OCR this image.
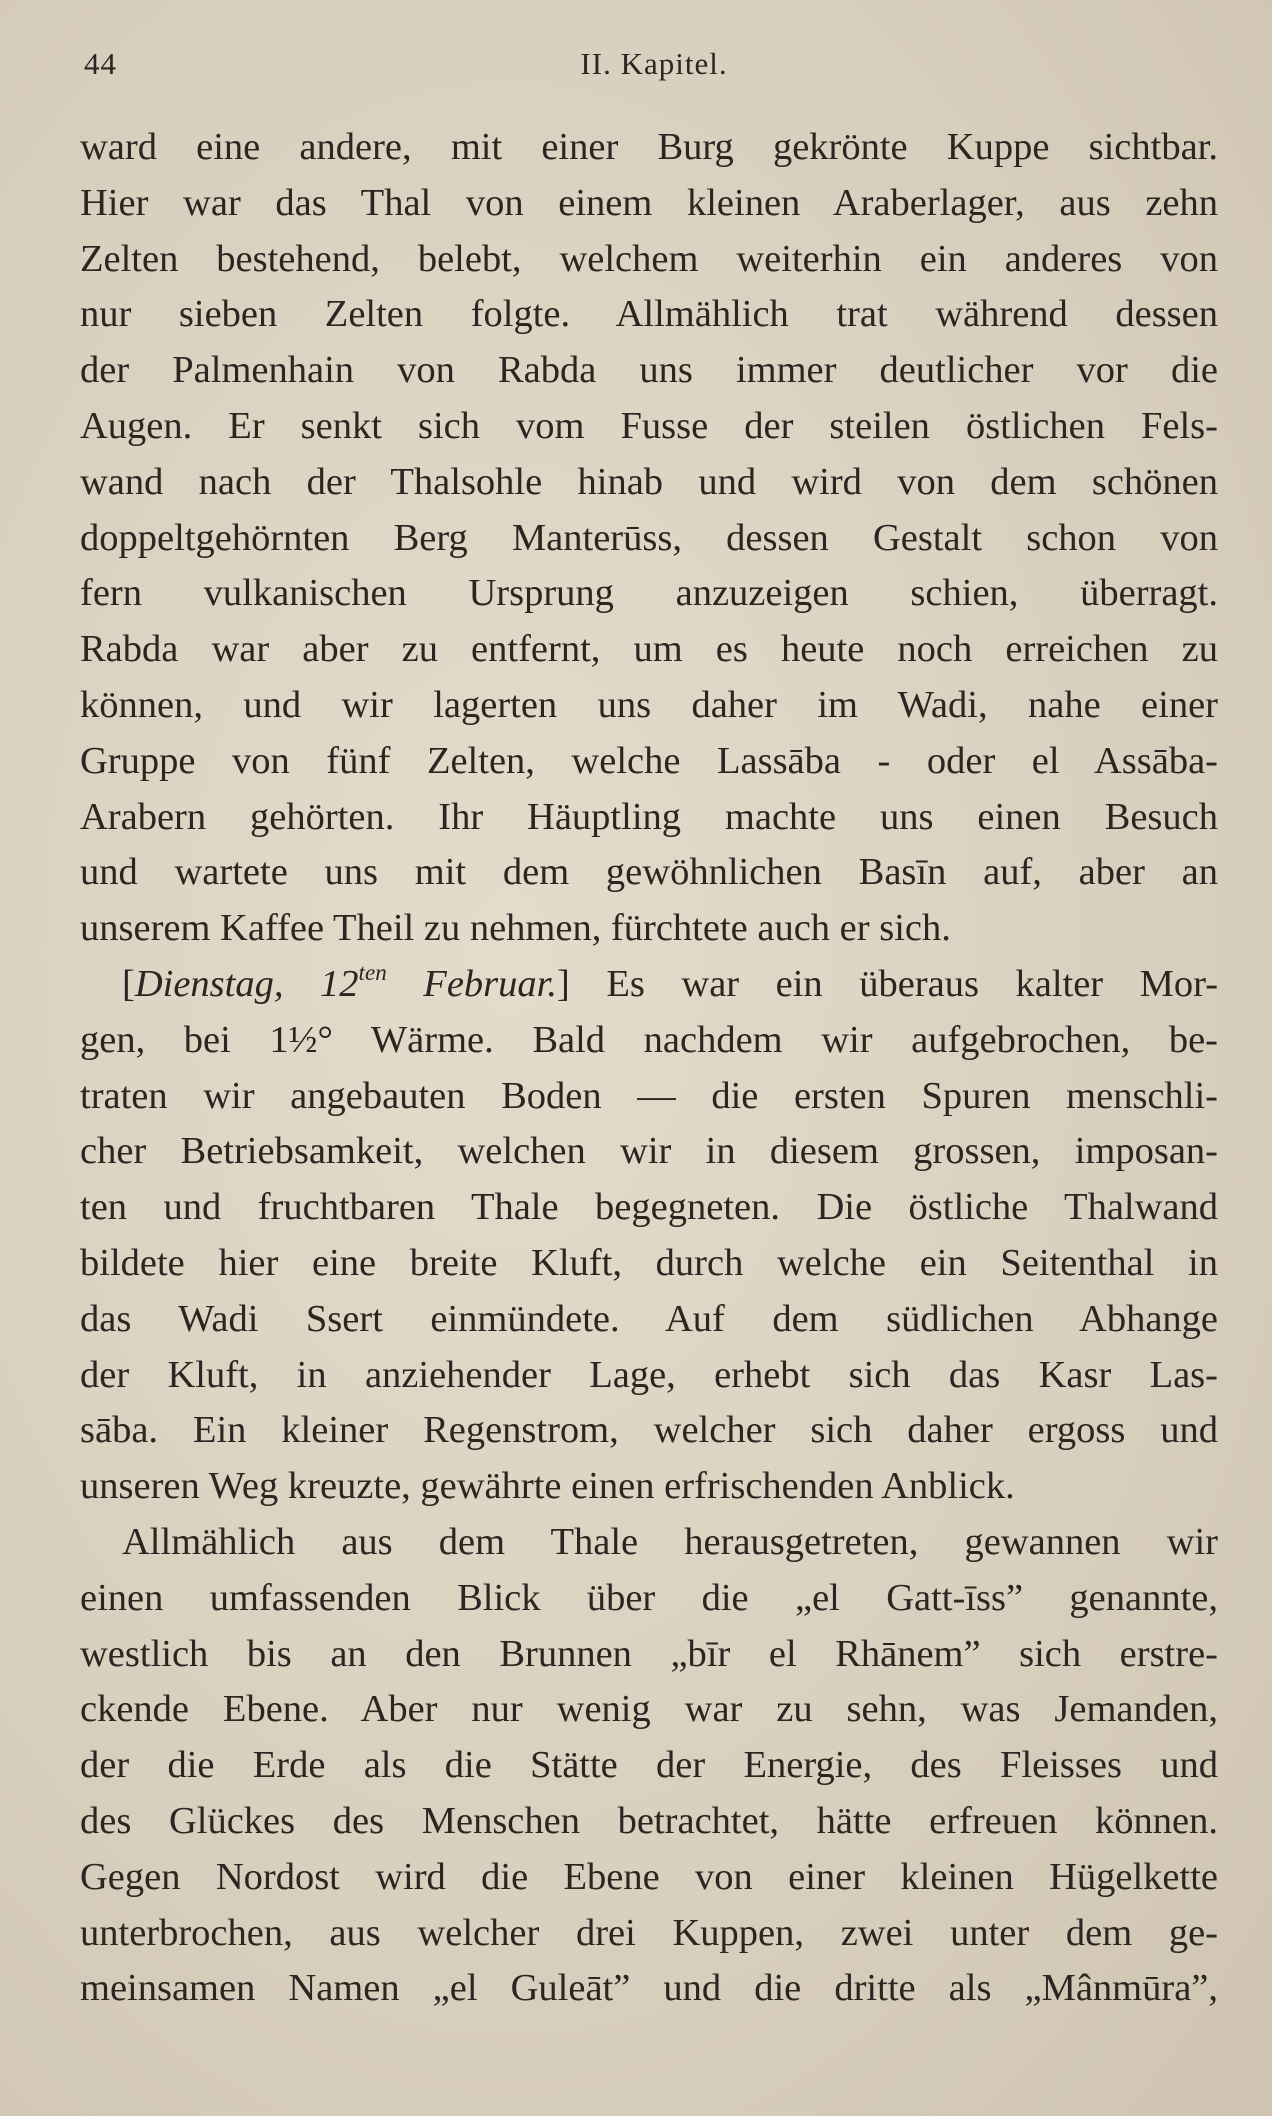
44	II. Kapitel.
ward eine andere, mit einer Burg gekrönte Kuppe sichtbar.
Hier war das Thal von einem kleinen Araberlager, aus zehn
Zelten bestehend, belebt, welchem weiterhin ein anderes von
nur sieben Zelten folgte. Allmählich trat während dessen
der Palmenhain von Rabda uns immer deutlicher vor die
Augen. Er senkt sich vom Fusse der steilen östlichen Fels-
wand nach der Thalsohle hinab und wird von dem schönen
doppeltgehörnten Berg Manterūss, dessen Gestalt schon von
fern vulkanischen Ursprung anzuzeigen schien, überragt.
Rabda war aber zu entfernt, um es heute noch erreichen zu
können, und wir lagerten uns daher im Wadi, nahe einer
Gruppe von fünf Zelten, welche Lassāba - oder el Assāba-
Arabern gehörten. Ihr Häuptling machte uns einen Besuch
und wartete uns mit dem gewöhnlichen Basīn auf, aber an
unserem Kaffee Theil zu nehmen, fürchtete auch er sich.
[Dienstag, 12$^{ten}$ Februar.] Es war ein überaus kalter Mor-
gen, bei 1½° Wärme. Bald nachdem wir aufgebrochen, be-
traten wir angebauten Boden — die ersten Spuren menschli-
cher Betriebsamkeit, welchen wir in diesem grossen, imposan-
ten und fruchtbaren Thale begegneten. Die östliche Thalwand
bildete hier eine breite Kluft, durch welche ein Seitenthal in
das Wadi Ssert einmündete. Auf dem südlichen Abhange
der Kluft, in anziehender Lage, erhebt sich das Kasr Las-
sāba. Ein kleiner Regenstrom, welcher sich daher ergoss und
unseren Weg kreuzte, gewährte einen erfrischenden Anblick.
Allmählich aus dem Thale herausgetreten, gewannen wir
einen umfassenden Blick über die „el Gatt-īss” genannte,
westlich bis an den Brunnen „bīr el Rhānem” sich erstre-
ckende Ebene. Aber nur wenig war zu sehn, was Jemanden,
der die Erde als die Stätte der Energie, des Fleisses und
des Glückes des Menschen betrachtet, hätte erfreuen können.
Gegen Nordost wird die Ebene von einer kleinen Hügelkette
unterbrochen, aus welcher drei Kuppen, zwei unter dem ge-
meinsamen Namen „el Guleāt” und die dritte als „Mânmūra”,
